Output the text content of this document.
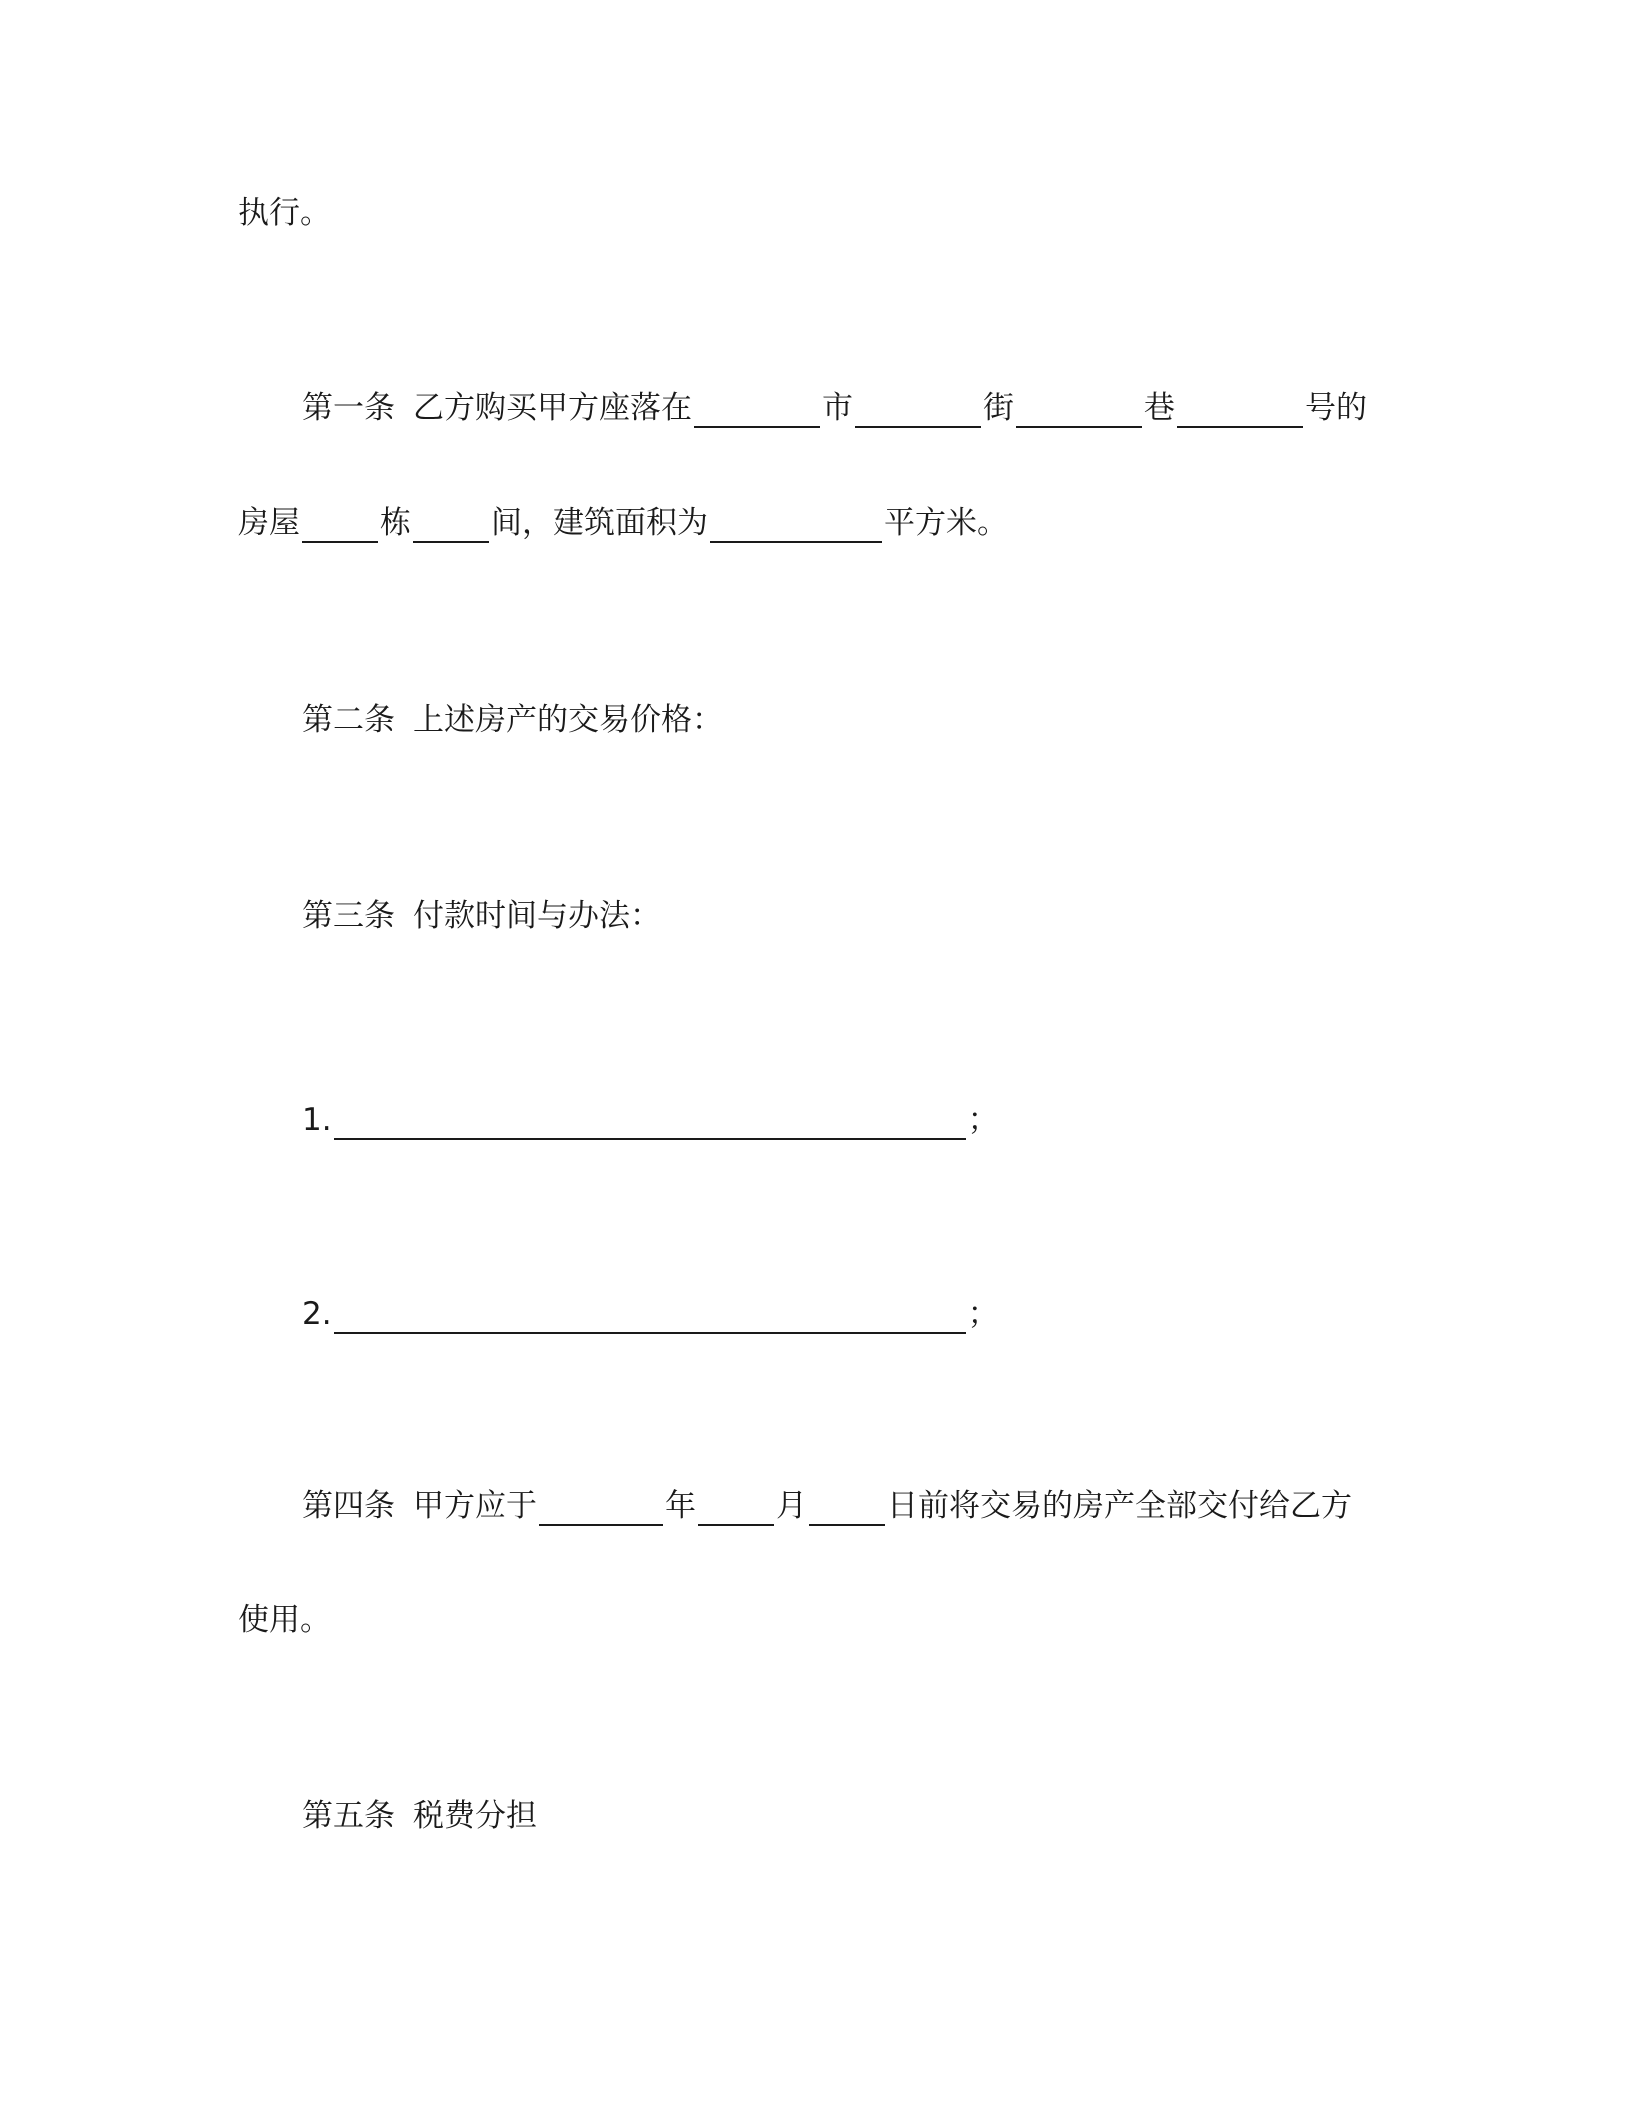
执行。
第一条 乙方购买甲方座落在	市	街	巷	号的
房屋	栋	间，建筑面积为	平方米。
第二条 上述房产的交易价格：
第三条 付款时间与办法：
1.	；
2.	；
第四条 甲方应于	年	月	日前将交易的房产全部交付给乙方
使用。
第五条 税费分担
